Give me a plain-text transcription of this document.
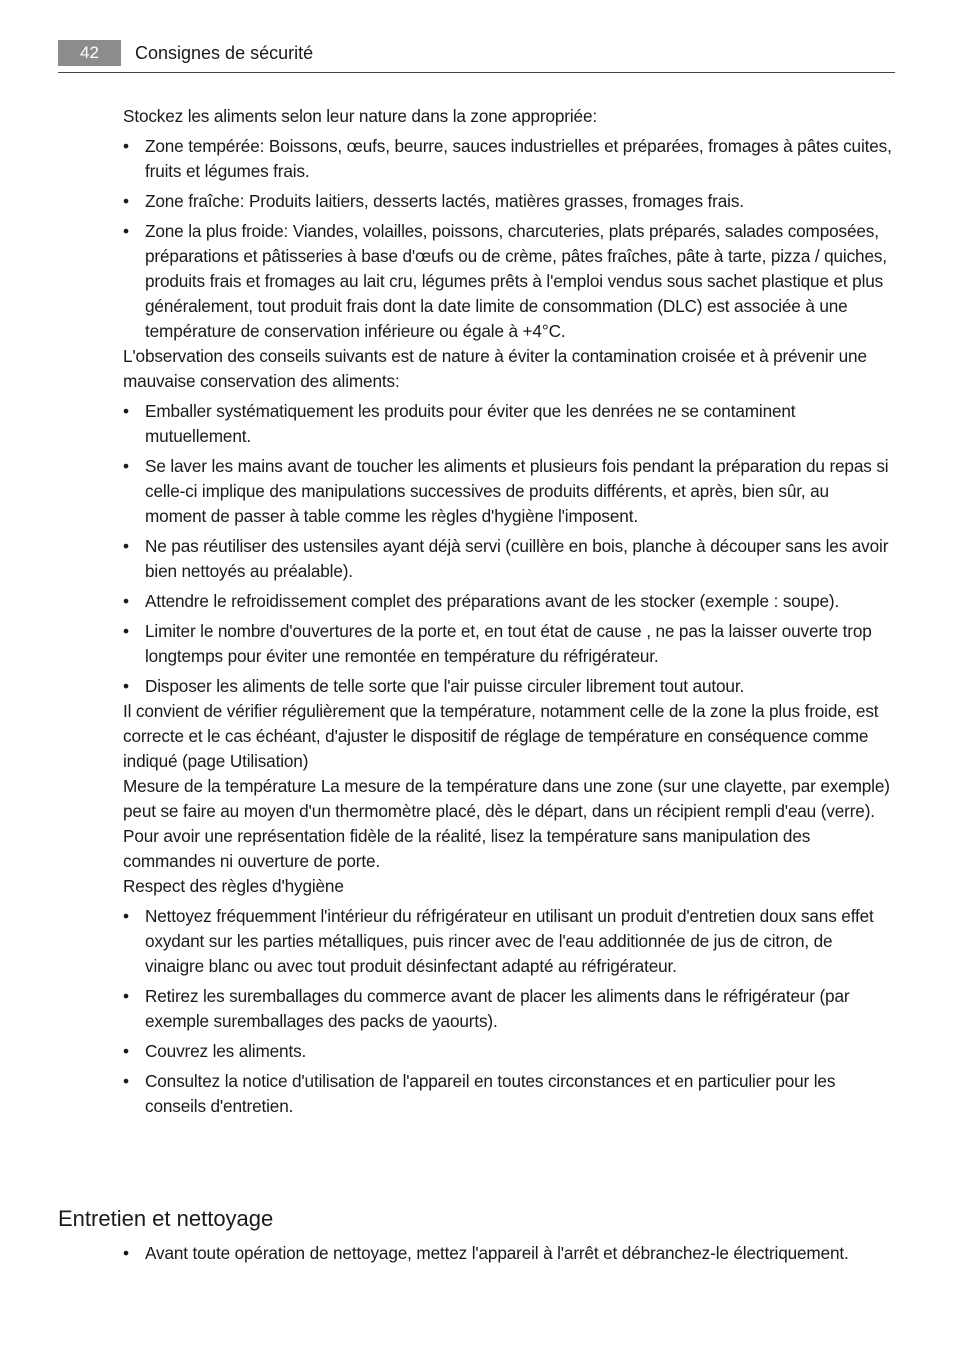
42	Consignes de sécurité

Stockez les aliments selon leur nature dans la zone appropriée:

• Zone tempérée: Boissons, œufs, beurre, sauces industrielles et préparées, fromages à pâtes cuites, fruits et légumes frais.
• Zone fraîche: Produits laitiers, desserts lactés, matières grasses, fromages frais.
• Zone la plus froide: Viandes, volailles, poissons, charcuteries, plats préparés, salades composées, préparations et pâtisseries à base d'œufs ou de crème, pâtes fraîches, pâte à tarte, pizza / quiches, produits frais et fromages au lait cru, légumes prêts à l'emploi vendus sous sachet plastique et plus généralement, tout produit frais dont la date limite de consommation (DLC) est associée à une température de conservation inférieure ou égale à +4°C.

L'observation des conseils suivants est de nature à éviter la contamination croisée et à prévenir une mauvaise conservation des aliments:

• Emballer systématiquement les produits pour éviter que les denrées ne se contaminent mutuellement.
• Se laver les mains avant de toucher les aliments et plusieurs fois pendant la préparation du repas si celle-ci implique des manipulations successives de produits différents, et après, bien sûr, au moment de passer à table comme les règles d'hygiène l'imposent.
• Ne pas réutiliser des ustensiles ayant déjà servi (cuillère en bois, planche à découper sans les avoir bien nettoyés au préalable).
• Attendre le refroidissement complet des préparations avant de les stocker (exemple : soupe).
• Limiter le nombre d'ouvertures de la porte et, en tout état de cause , ne pas la laisser ouverte trop longtemps pour éviter une remontée en température du réfrigérateur.
• Disposer les aliments de telle sorte que l'air puisse circuler librement tout autour.

Il convient de vérifier régulièrement que la température, notamment celle de la zone la plus froide, est correcte et le cas échéant, d'ajuster le dispositif de réglage de température en conséquence comme indiqué (page Utilisation)

Mesure de la température La mesure de la température dans une zone (sur une clayette, par exemple) peut se faire au moyen d'un thermomètre placé, dès le départ, dans un récipient rempli d'eau (verre). Pour avoir une représentation fidèle de la réalité, lisez la température sans manipulation des commandes ni ouverture de porte.

Respect des règles d'hygiène

• Nettoyez fréquemment l'intérieur du réfrigérateur en utilisant un produit d'entretien doux sans effet oxydant sur les parties métalliques, puis rincer avec de l'eau additionnée de jus de citron, de vinaigre blanc ou avec tout produit désinfectant adapté au réfrigérateur.
• Retirez les suremballages du commerce avant de placer les aliments dans le réfrigérateur (par exemple suremballages des packs de yaourts).
• Couvrez les aliments.
• Consultez la notice d'utilisation de l'appareil en toutes circonstances et en particulier pour les conseils d'entretien.
Entretien et nettoyage
• Avant toute opération de nettoyage, mettez l'appareil à l'arrêt et débranchez-le électriquement.
